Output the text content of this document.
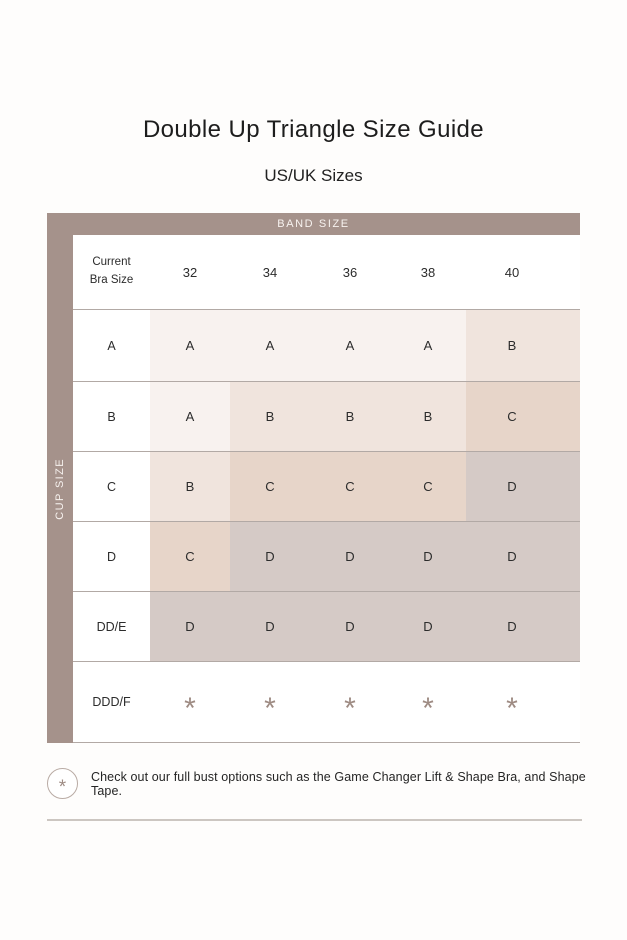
Double Up Triangle Size Guide
US/UK Sizes
BAND SIZE
CUP SIZE
Current Bra Size
32	34	36	38	40
A	A	A	A	A	B
B	A	B	B	B	C
C	B	C	C	C	D
D	C	D	D	D	D
DD/E	D	D	D	D	D
DDD/F * * * * *
* Check out our full bust options such as the Game Changer Lift & Shape Bra, and Shape Tape.
